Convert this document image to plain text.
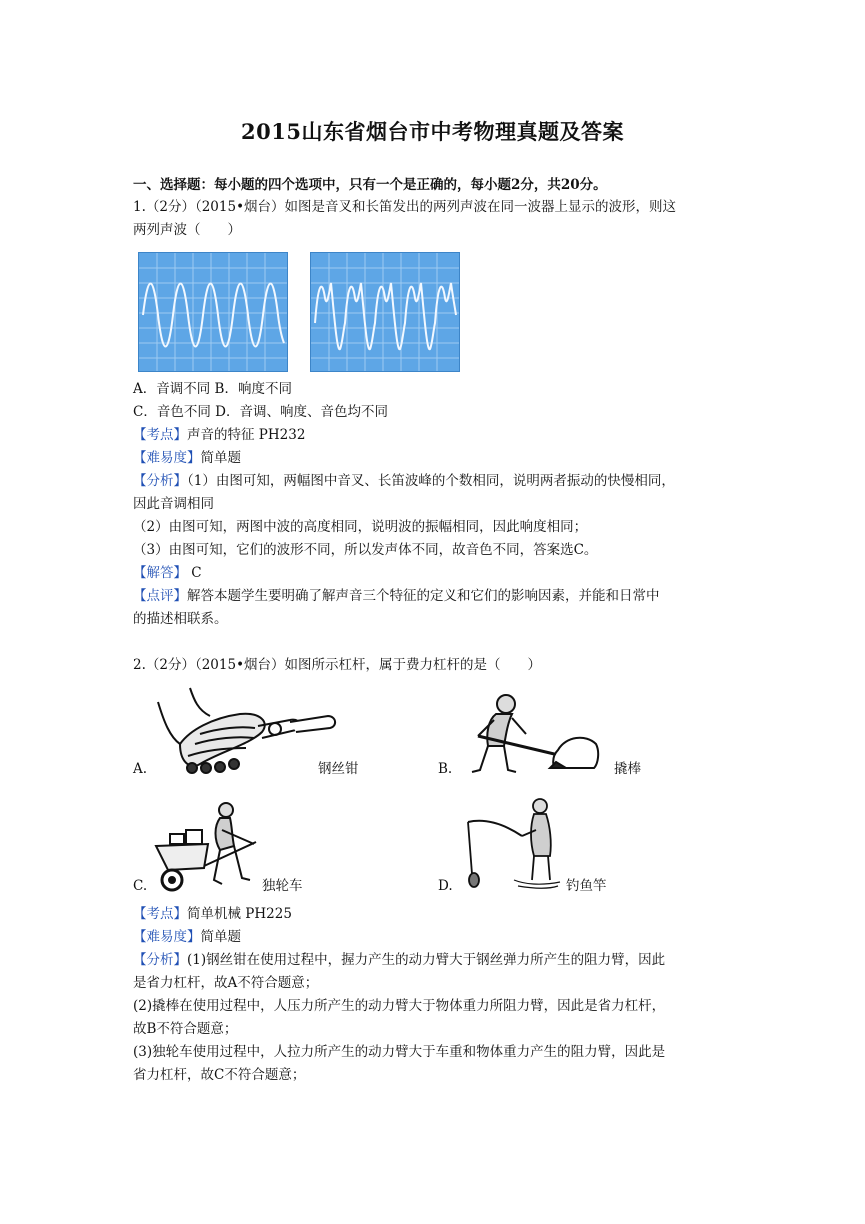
2015山东省烟台市中考物理真题及答案
一、选择题：每小题的四个选项中，只有一个是正确的，每小题2分，共20分。
1.（2分）（2015•烟台）如图是音叉和长笛发出的两列声波在同一波器上显示的波形，则这
两列声波（　　）
A．音调不同 B．响度不同
C．音色不同 D．音调、响度、音色均不同
【考点】声音的特征 PH232
【难易度】简单题
【分析】（1）由图可知，两幅图中音叉、长笛波峰的个数相同，说明两者振动的快慢相同，
因此音调相同
（2）由图可知，两图中波的高度相同，说明波的振幅相同，因此响度相同；
（3）由图可知，它们的波形不同，所以发声体不同，故音色不同，答案选C。
【解答】 C
【点评】解答本题学生要明确了解声音三个特征的定义和它们的影响因素，并能和日常中
的描述相联系。
2.（2分）（2015•烟台）如图所示杠杆，属于费力杠杆的是（　　）
A.	钢丝钳	B.	撬棒
C.	独轮车	D.	钓鱼竿
【考点】简单机械 PH225
【难易度】简单题
【分析】(1)钢丝钳在使用过程中，握力产生的动力臂大于钢丝弹力所产生的阻力臂，因此
是省力杠杆，故A不符合题意；
(2)撬棒在使用过程中，人压力所产生的动力臂大于物体重力所阻力臂，因此是省力杠杆，
故B不符合题意；
(3)独轮车使用过程中，人拉力所产生的动力臂大于车重和物体重力产生的阻力臂，因此是
省力杠杆，故C不符合题意；
